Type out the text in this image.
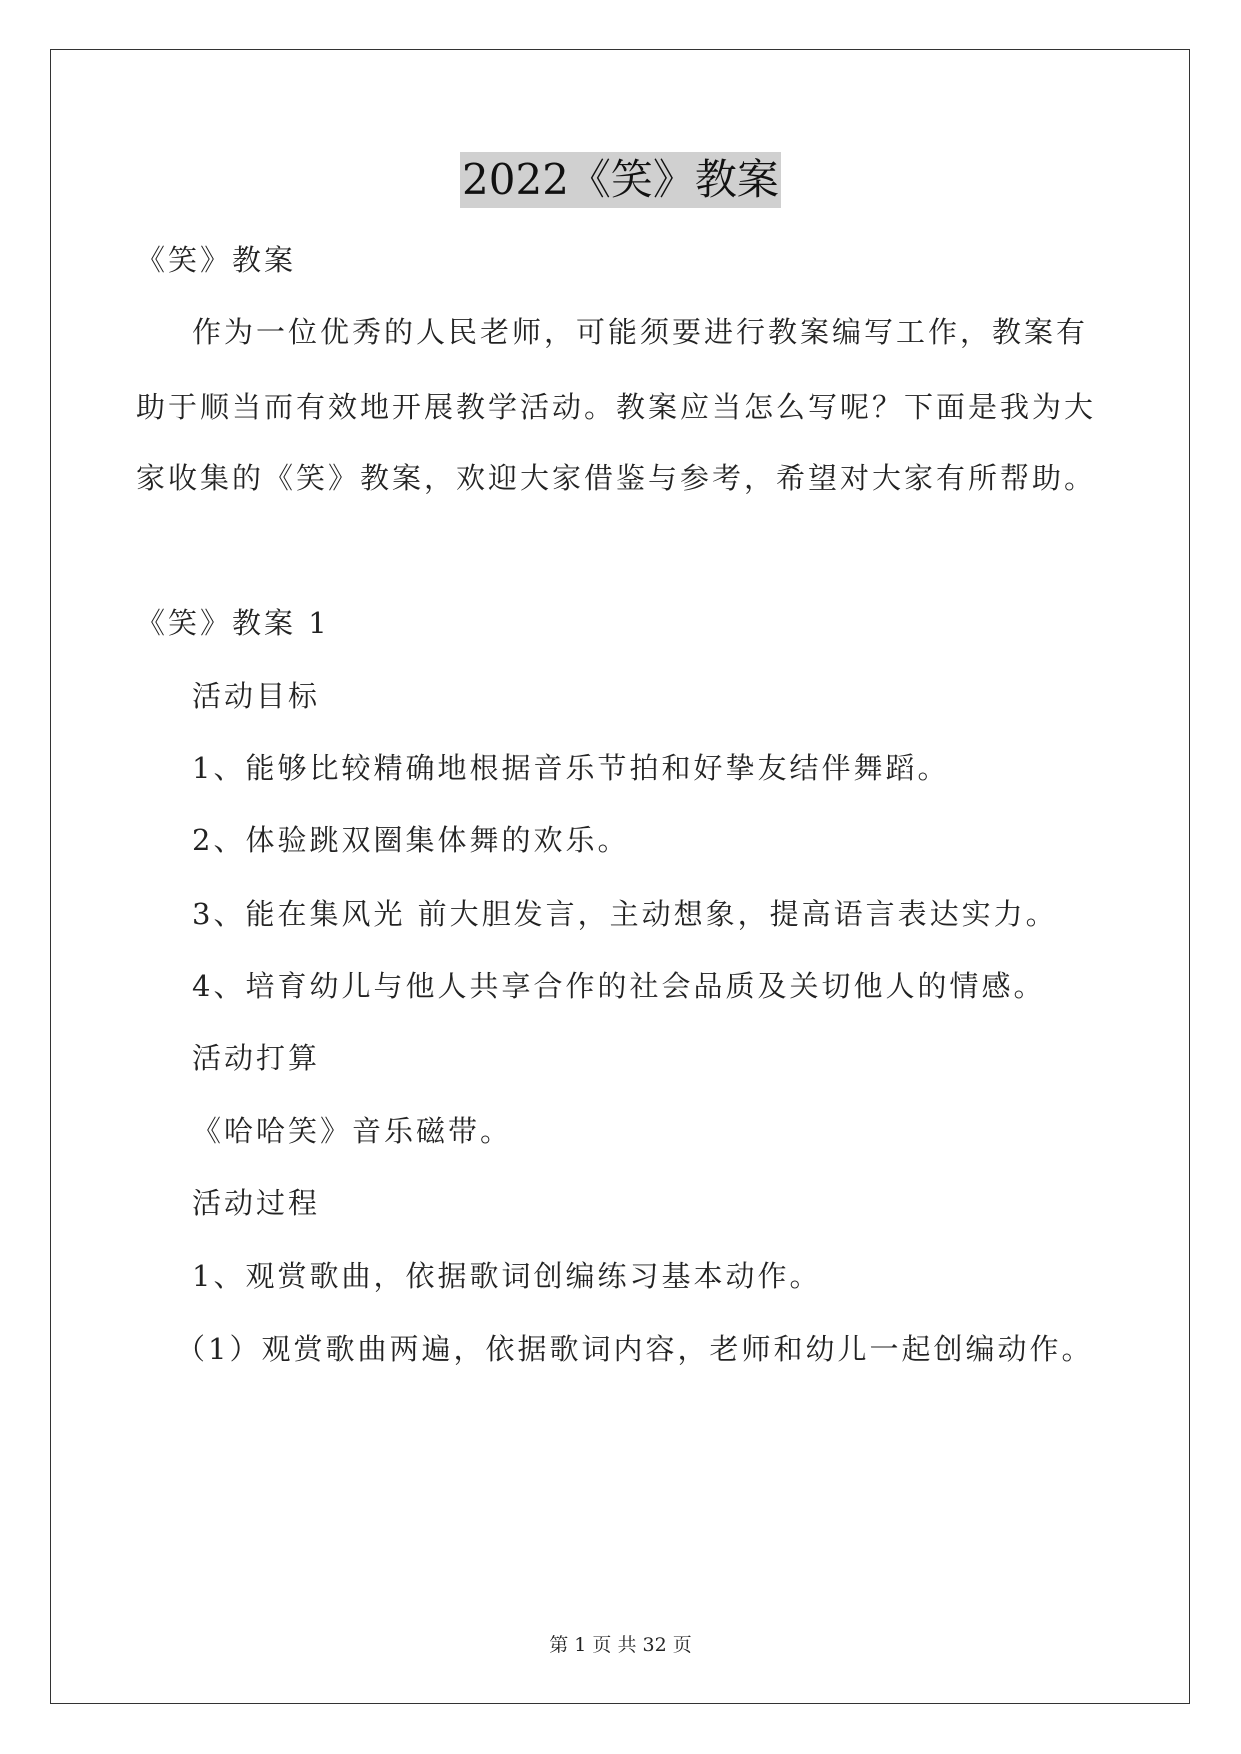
2022《笑》教案
《笑》教案
作为一位优秀的人民老师，可能须要进行教案编写工作，教案有
助于顺当而有效地开展教学活动。教案应当怎么写呢？下面是我为大
家收集的《笑》教案，欢迎大家借鉴与参考，希望对大家有所帮助。
《笑》教案 1
活动目标
1、能够比较精确地根据音乐节拍和好挚友结伴舞蹈。
2、体验跳双圈集体舞的欢乐。
3、能在集风光 前大胆发言，主动想象，提高语言表达实力。
4、培育幼儿与他人共享合作的社会品质及关切他人的情感。
活动打算
《哈哈笑》音乐磁带。
活动过程
1、观赏歌曲，依据歌词创编练习基本动作。
（1）观赏歌曲两遍，依据歌词内容，老师和幼儿一起创编动作。
第 1 页 共 32 页
